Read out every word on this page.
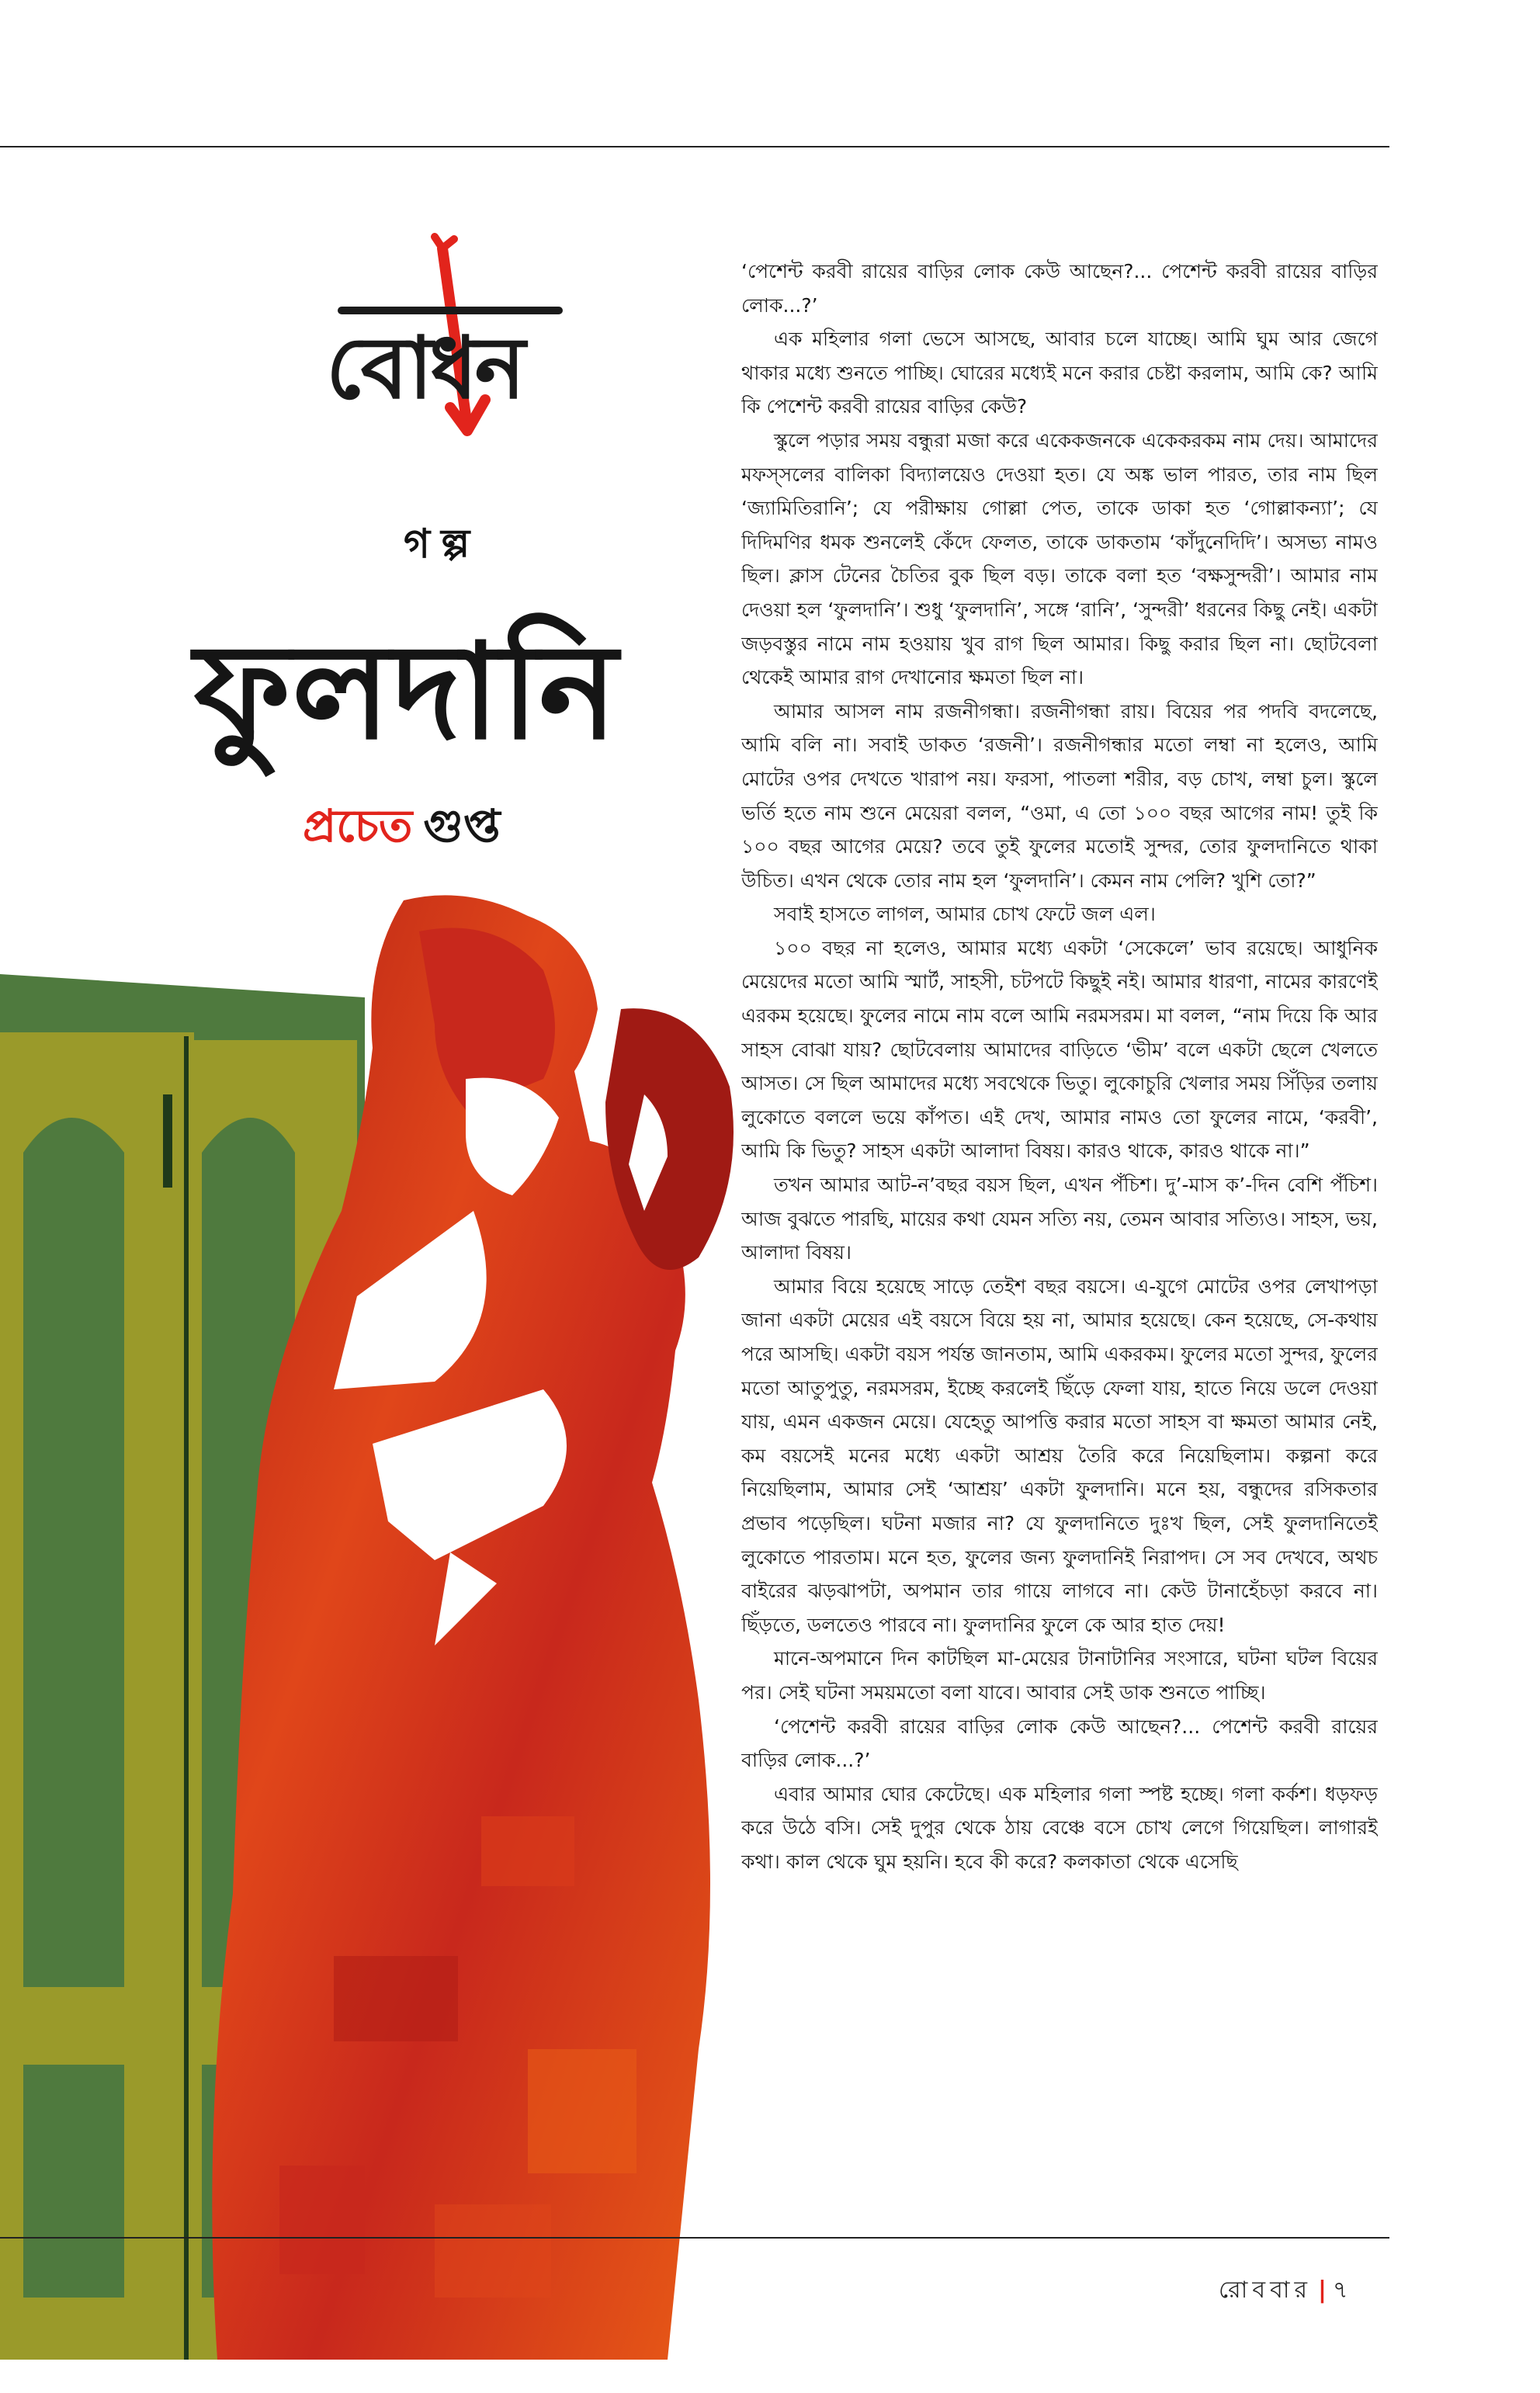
বোধন
গল্প
ফুলদানি
প্রচেত গুপ্ত

‘পেশেন্ট করবী রায়ের বাড়ির লোক কেউ আছেন?... পেশেন্ট করবী রায়ের বাড়ির লোক...?’

এক মহিলার গলা ভেসে আসছে, আবার চলে যাচ্ছে। আমি ঘুম আর জেগে থাকার মধ্যে শুনতে পাচ্ছি। ঘোরের মধ্যেই মনে করার চেষ্টা করলাম, আমি কে? আমি কি পেশেন্ট করবী রায়ের বাড়ির কেউ?

স্কুলে পড়ার সময় বন্ধুরা মজা করে একেকজনকে একেকরকম নাম দেয়। আমাদের মফস্সলের বালিকা বিদ্যালয়েও দেওয়া হত। যে অঙ্ক ভাল পারত, তার নাম ছিল ‘জ্যামিতিরানি’; যে পরীক্ষায় গোল্লা পেত, তাকে ডাকা হত ‘গোল্লাকন্যা’; যে দিদিমণির ধমক শুনলেই কেঁদে ফেলত, তাকে ডাকতাম ‘কাঁদুনেদিদি’। অসভ্য নামও ছিল। ক্লাস টেনের চৈতির বুক ছিল বড়। তাকে বলা হত ‘বক্ষসুন্দরী’। আমার নাম দেওয়া হল ‘ফুলদানি’। শুধু ‘ফুলদানি’, সঙ্গে ‘রানি’, ‘সুন্দরী’ ধরনের কিছু নেই। একটা জড়বস্তুর নামে নাম হওয়ায় খুব রাগ ছিল আমার। কিছু করার ছিল না। ছোটবেলা থেকেই আমার রাগ দেখানোর ক্ষমতা ছিল না।

আমার আসল নাম রজনীগন্ধা। রজনীগন্ধা রায়। বিয়ের পর পদবি বদলেছে, আমি বলি না। সবাই ডাকত ‘রজনী’। রজনীগন্ধার মতো লম্বা না হলেও, আমি মোটের ওপর দেখতে খারাপ নয়। ফরসা, পাতলা শরীর, বড় চোখ, লম্বা চুল। স্কুলে ভর্তি হতে নাম শুনে মেয়েরা বলল, “ওমা, এ তো ১০০ বছর আগের নাম! তুই কি ১০০ বছর আগের মেয়ে? তবে তুই ফুলের মতোই সুন্দর, তোর ফুলদানিতে থাকা উচিত। এখন থেকে তোর নাম হল ‘ফুলদানি’। কেমন নাম পেলি? খুশি তো?”

সবাই হাসতে লাগল, আমার চোখ ফেটে জল এল।

১০০ বছর না হলেও, আমার মধ্যে একটা ‘সেকেলে’ ভাব রয়েছে। আধুনিক মেয়েদের মতো আমি স্মার্ট, সাহসী, চটপটে কিছুই নই। আমার ধারণা, নামের কারণেই এরকম হয়েছে। ফুলের নামে নাম বলে আমি নরমসরম। মা বলল, “নাম দিয়ে কি আর সাহস বোঝা যায়? ছোটবেলায় আমাদের বাড়িতে ‘ভীম’ বলে একটা ছেলে খেলতে আসত। সে ছিল আমাদের মধ্যে সবথেকে ভিতু। লুকোচুরি খেলার সময় সিঁড়ির তলায় লুকোতে বললে ভয়ে কাঁপত। এই দেখ, আমার নামও তো ফুলের নামে, ‘করবী’, আমি কি ভিতু? সাহস একটা আলাদা বিষয়। কারও থাকে, কারও থাকে না।”

তখন আমার আট-ন’বছর বয়স ছিল, এখন পঁচিশ। দু’-মাস ক’-দিন বেশি পঁচিশ। আজ বুঝতে পারছি, মায়ের কথা যেমন সত্যি নয়, তেমন আবার সত্যিও। সাহস, ভয়, আলাদা বিষয়।

আমার বিয়ে হয়েছে সাড়ে তেইশ বছর বয়সে। এ-যুগে মোটের ওপর লেখাপড়া জানা একটা মেয়ের এই বয়সে বিয়ে হয় না, আমার হয়েছে। কেন হয়েছে, সে-কথায় পরে আসছি। একটা বয়স পর্যন্ত জানতাম, আমি একরকম। ফুলের মতো সুন্দর, ফুলের মতো আতুপুতু, নরমসরম, ইচ্ছে করলেই ছিঁড়ে ফেলা যায়, হাতে নিয়ে ডলে দেওয়া যায়, এমন একজন মেয়ে। যেহেতু আপত্তি করার মতো সাহস বা ক্ষমতা আমার নেই, কম বয়সেই মনের মধ্যে একটা আশ্রয় তৈরি করে নিয়েছিলাম। কল্পনা করে নিয়েছিলাম, আমার সেই ‘আশ্রয়’ একটা ফুলদানি। মনে হয়, বন্ধুদের রসিকতার প্রভাব পড়েছিল। ঘটনা মজার না? যে ফুলদানিতে দুঃখ ছিল, সেই ফুলদানিতেই লুকোতে পারতাম। মনে হত, ফুলের জন্য ফুলদানিই নিরাপদ। সে সব দেখবে, অথচ বাইরের ঝড়ঝাপটা, অপমান তার গায়ে লাগবে না। কেউ টানাহেঁচড়া করবে না। ছিঁড়তে, ডলতেও পারবে না। ফুলদানির ফুলে কে আর হাত দেয়!

মানে-অপমানে দিন কাটছিল মা-মেয়ের টানাটানির সংসারে, ঘটনা ঘটল বিয়ের পর। সেই ঘটনা সময়মতো বলা যাবে। আবার সেই ডাক শুনতে পাচ্ছি।

‘পেশেন্ট করবী রায়ের বাড়ির লোক কেউ আছেন?... পেশেন্ট করবী রায়ের বাড়ির লোক...?’

এবার আমার ঘোর কেটেছে। এক মহিলার গলা স্পষ্ট হচ্ছে। গলা কর্কশ। ধড়ফড় করে উঠে বসি। সেই দুপুর থেকে ঠায় বেঞ্চে বসে চোখ লেগে গিয়েছিল। লাগারই কথা। কাল থেকে ঘুম হয়নি। হবে কী করে? কলকাতা থেকে এসেছি

রোববার | ৭
